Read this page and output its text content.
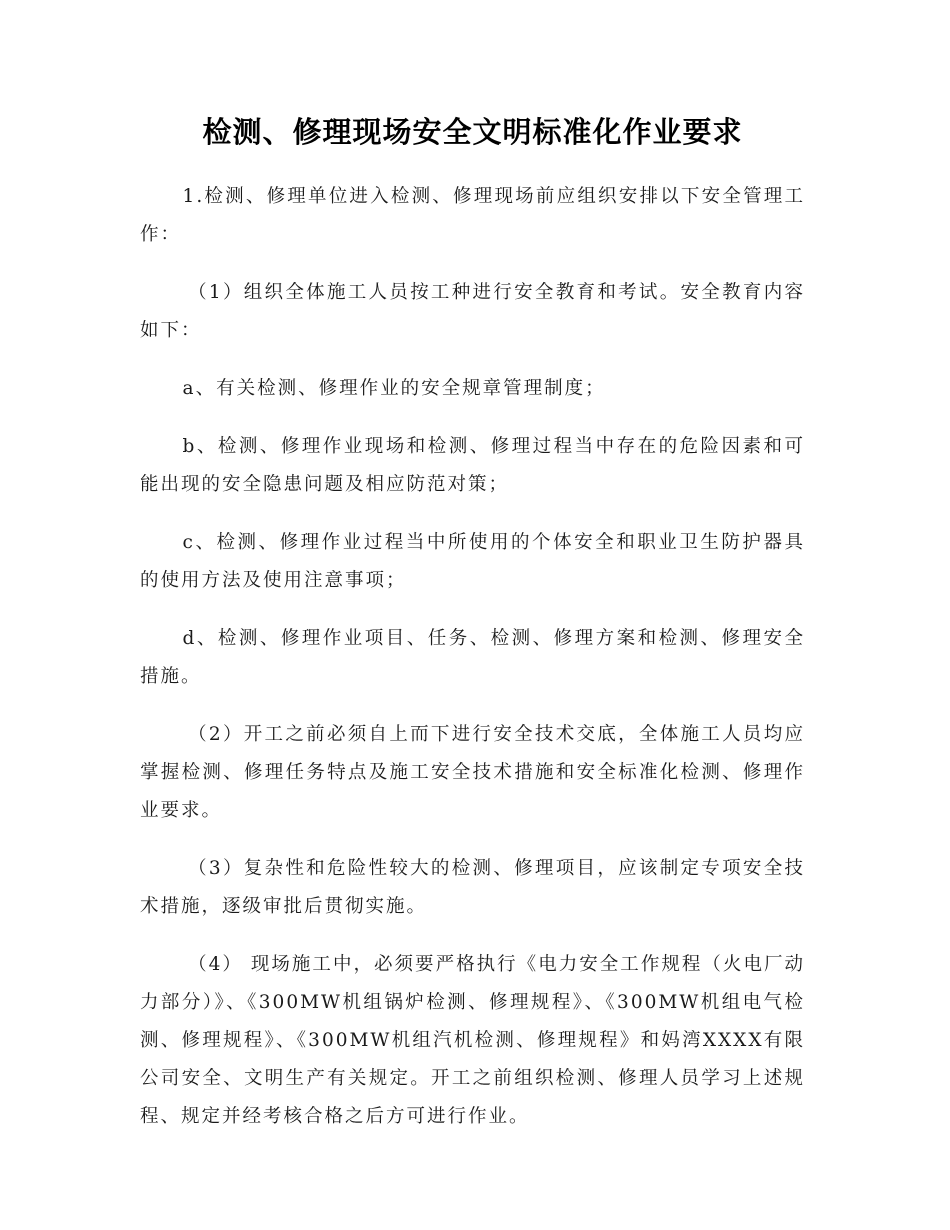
检测、修理现场安全文明标准化作业要求

1.检测、修理单位进入检测、修理现场前应组织安排以下安全管理工作：

（1）组织全体施工人员按工种进行安全教育和考试。安全教育内容如下：

a、有关检测、修理作业的安全规章管理制度；

b、检测、修理作业现场和检测、修理过程当中存在的危险因素和可能出现的安全隐患问题及相应防范对策；

c、检测、修理作业过程当中所使用的个体安全和职业卫生防护器具的使用方法及使用注意事项；

d、检测、修理作业项目、任务、检测、修理方案和检测、修理安全措施。

（2）开工之前必须自上而下进行安全技术交底，全体施工人员均应掌握检测、修理任务特点及施工安全技术措施和安全标准化检测、修理作业要求。

（3）复杂性和危险性较大的检测、修理项目，应该制定专项安全技术措施，逐级审批后贯彻实施。

（4） 现场施工中，必须要严格执行《电力安全工作规程（火电厂动力部分）》、《300MW机组锅炉检测、修理规程》、《300MW机组电气检测、修理规程》、《300MW机组汽机检测、修理规程》和妈湾XXXX有限公司安全、文明生产有关规定。开工之前组织检测、修理人员学习上述规程、规定并经考核合格之后方可进行作业。
